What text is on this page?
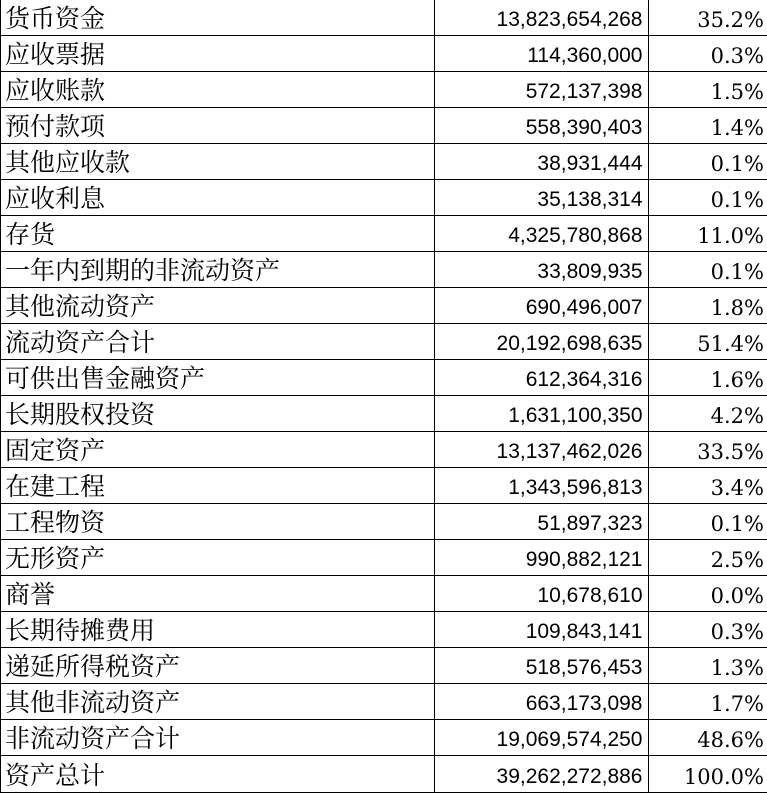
货币资金	13,823,654,268	35.2%
应收票据	114,360,000	0.3%
应收账款	572,137,398	1.5%
预付款项	558,390,403	1.4%
其他应收款	38,931,444	0.1%
应收利息	35,138,314	0.1%
存货	4,325,780,868	11.0%
一年内到期的非流动资产	33,809,935	0.1%
其他流动资产	690,496,007	1.8%
流动资产合计	20,192,698,635	51.4%
可供出售金融资产	612,364,316	1.6%
长期股权投资	1,631,100,350	4.2%
固定资产	13,137,462,026	33.5%
在建工程	1,343,596,813	3.4%
工程物资	51,897,323	0.1%
无形资产	990,882,121	2.5%
商誉	10,678,610	0.0%
长期待摊费用	109,843,141	0.3%
递延所得税资产	518,576,453	1.3%
其他非流动资产	663,173,098	1.7%
非流动资产合计	19,069,574,250	48.6%
资产总计	39,262,272,886	100.0%
